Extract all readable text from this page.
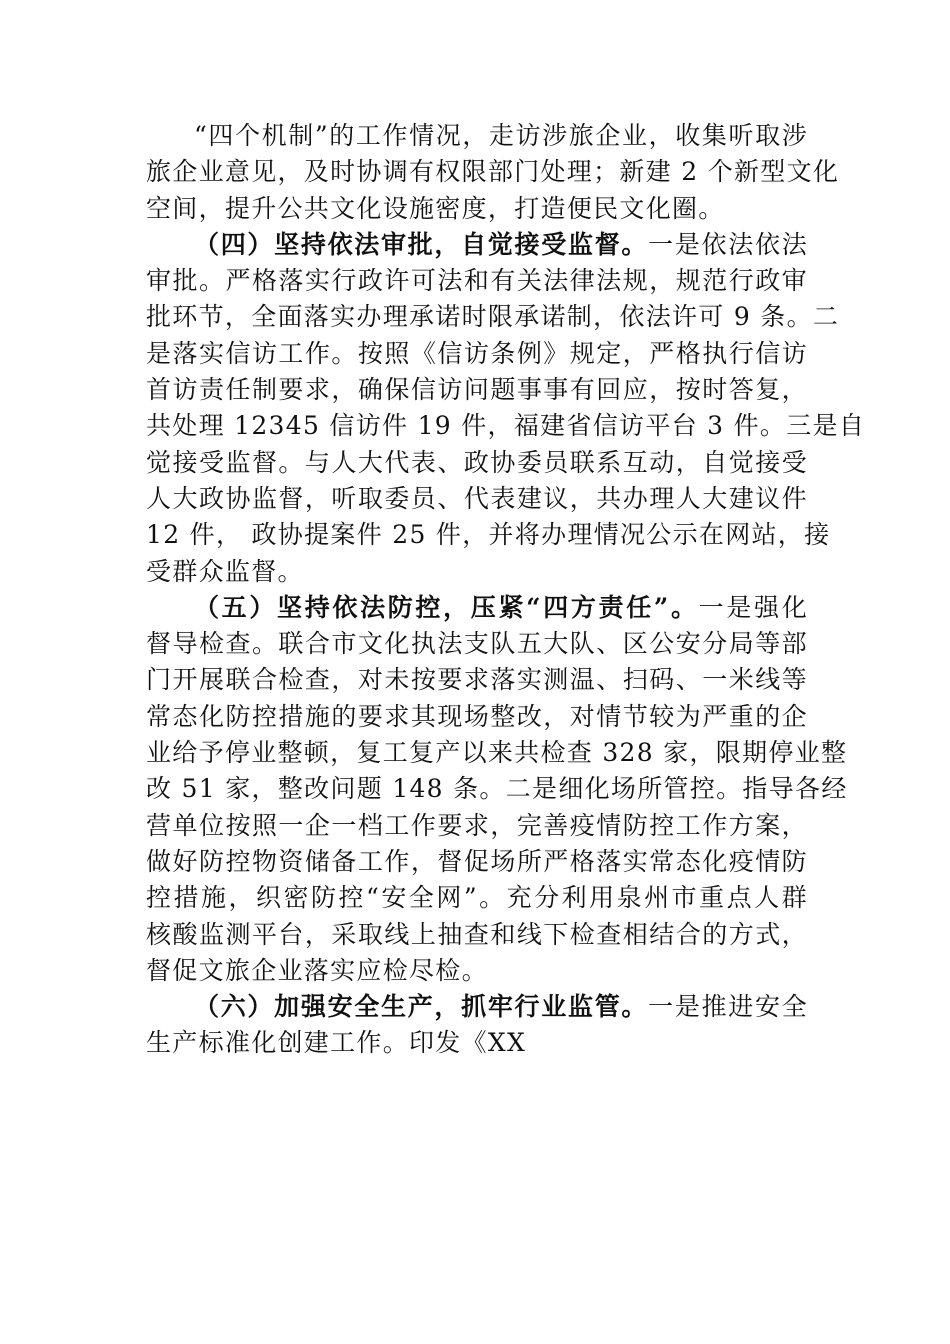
“四个机制”的工作情况，走访涉旅企业，收集听取涉
旅企业意见，及时协调有权限部门处理；新建 2 个新型文化
空间，提升公共文化设施密度，打造便民文化圈。
（四）坚持依法审批，自觉接受监督。一是依法依法
审批。严格落实行政许可法和有关法律法规，规范行政审
批环节，全面落实办理承诺时限承诺制，依法许可 9 条。二
是落实信访工作。按照《信访条例》规定，严格执行信访
首访责任制要求，确保信访问题事事有回应，按时答复，
共处理 12345 信访件 19 件，福建省信访平台 3 件。三是自
觉接受监督。与人大代表、政协委员联系互动，自觉接受
人大政协监督，听取委员、代表建议，共办理人大建议件
12 件， 政协提案件 25 件，并将办理情况公示在网站，接
受群众监督。
（五）坚持依法防控，压紧“四方责任”。一是强化
督导检查。联合市文化执法支队五大队、区公安分局等部
门开展联合检查，对未按要求落实测温、扫码、一米线等
常态化防控措施的要求其现场整改，对情节较为严重的企
业给予停业整顿，复工复产以来共检查 328 家，限期停业整
改 51 家，整改问题 148 条。二是细化场所管控。指导各经
营单位按照一企一档工作要求，完善疫情防控工作方案，
做好防控物资储备工作，督促场所严格落实常态化疫情防
控措施，织密防控“安全网”。充分利用泉州市重点人群
核酸监测平台，采取线上抽查和线下检查相结合的方式，
督促文旅企业落实应检尽检。
（六）加强安全生产，抓牢行业监管。一是推进安全
生产标准化创建工作。印发《XX
